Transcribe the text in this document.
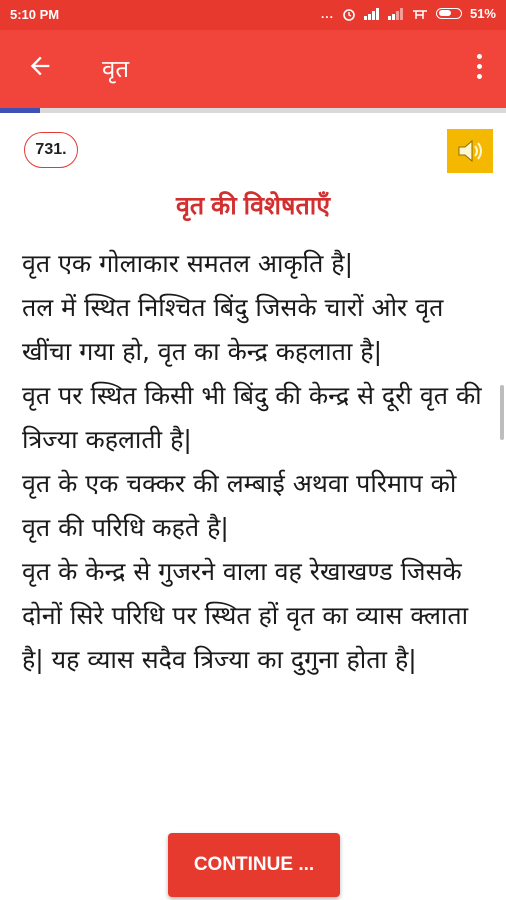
5:10 PM	...	51%
वृत
731.
वृत की विशेषताएँ

वृत एक गोलाकार समतल आकृति है|

तल में स्थित निश्चित बिंदु जिसके चारों ओर वृत खींचा गया हो, वृत का केन्द्र कहलाता है|

वृत पर स्थित किसी भी बिंदु की केन्द्र से दूरी वृत की त्रिज्या कहलाती है|

वृत के एक चक्कर की लम्बाई अथवा परिमाप को वृत की परिधि कहते है|

वृत के केन्द्र से गुजरने वाला वह रेखाखण्ड जिसके दोनों सिरे परिधि पर स्थित हों वृत का व्यास क्लाता है| यह व्यास सदैव त्रिज्या का दुगुना होता है|

CONTINUE ...
